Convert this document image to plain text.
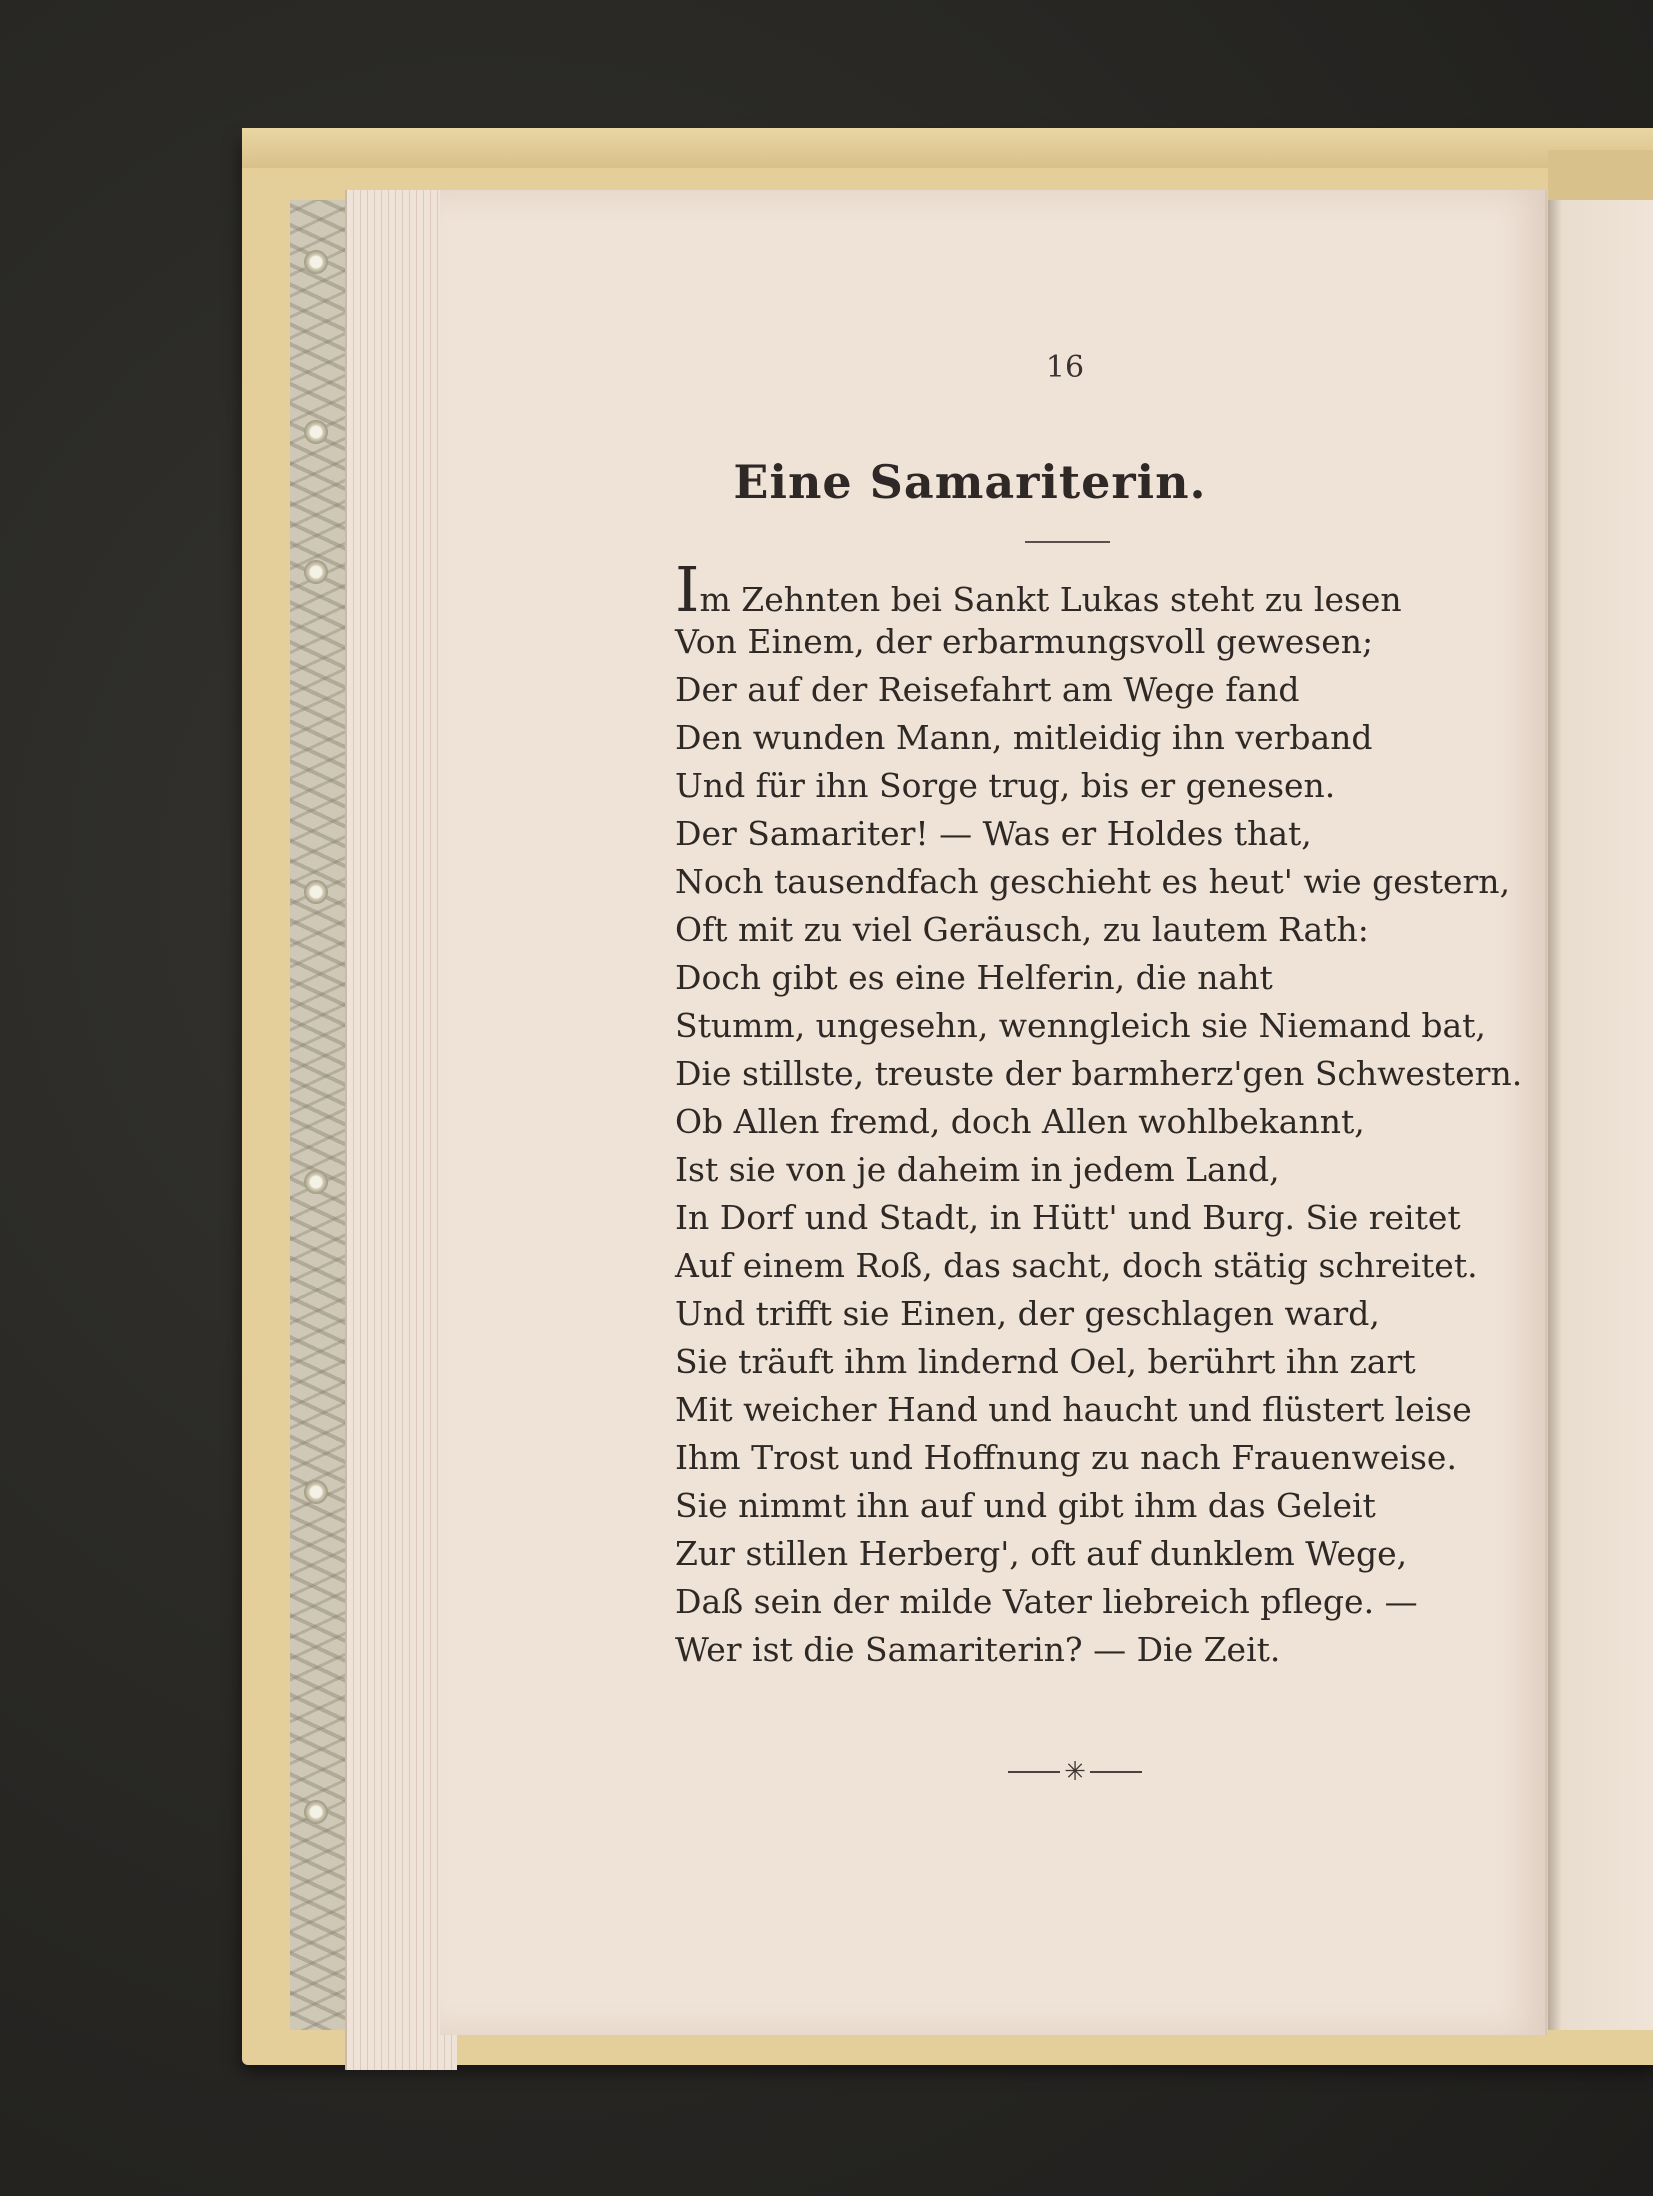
16
Eine Samariterin.
Im Zehnten bei Sankt Lukas steht zu lesen
Von Einem, der erbarmungsvoll gewesen;
Der auf der Reisefahrt am Wege fand
Den wunden Mann, mitleidig ihn verband
Und für ihn Sorge trug, bis er genesen.
Der Samariter! — Was er Holdes that,
Noch tausendfach geschieht es heut' wie gestern,
Oft mit zu viel Geräusch, zu lautem Rath:
Doch gibt es eine Helferin, die naht
Stumm, ungesehn, wenngleich sie Niemand bat,
Die stillste, treuste der barmherz'gen Schwestern.
Ob Allen fremd, doch Allen wohlbekannt,
Ist sie von je daheim in jedem Land,
In Dorf und Stadt, in Hütt' und Burg. Sie reitet
Auf einem Roß, das sacht, doch stätig schreitet.
Und trifft sie Einen, der geschlagen ward,
Sie träuft ihm lindernd Oel, berührt ihn zart
Mit weicher Hand und haucht und flüstert leise
Ihm Trost und Hoffnung zu nach Frauenweise.
Sie nimmt ihn auf und gibt ihm das Geleit
Zur stillen Herberg', oft auf dunklem Wege,
Daß sein der milde Vater liebreich pflege. —
Wer ist die Samariterin? — Die Zeit.
✳
